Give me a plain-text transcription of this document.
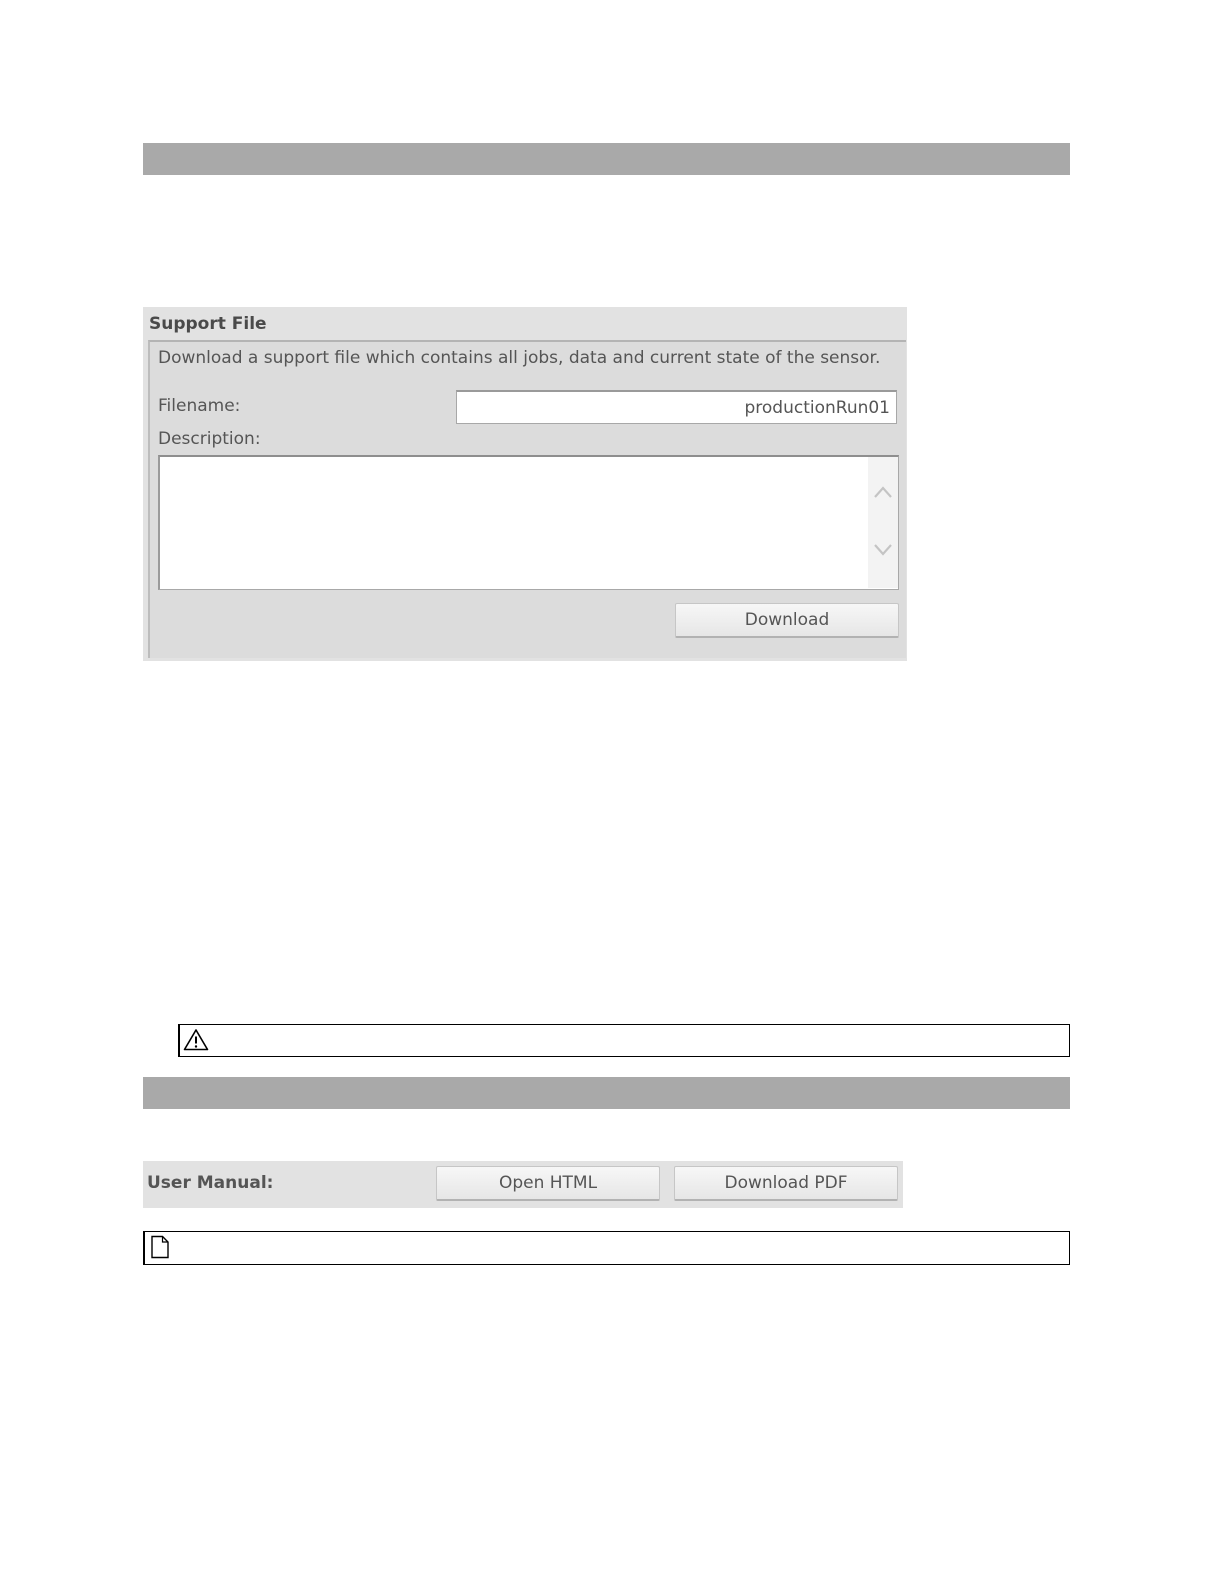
Support File
Download a support file which contains all jobs, data and current state of the sensor.
Filename:
productionRun01
Description:
Download
User Manual:	Open HTML	Download PDF
